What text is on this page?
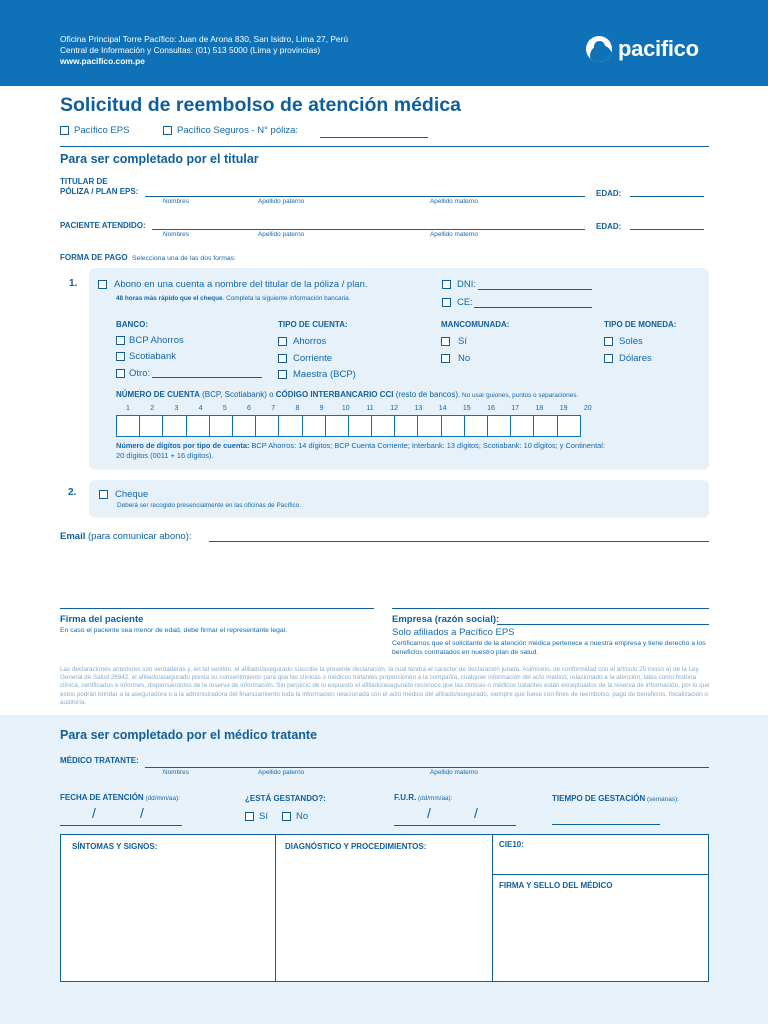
Oficina Principal Torre Pacífico: Juan de Arona 830, San Isidro, Lima 27, Perú
Central de Información y Consultas: (01) 513 5000 (Lima y provincias)
www.pacifico.com.pe	pacifico
Solicitud de reembolso de atención médica
Pacífico EPS	Pacífico Seguros - N° póliza:
Para ser completado por el titular
TITULAR DE
PÓLIZA / PLAN EPS:
Nombres	Apellido paterno	Apellido materno
EDAD:
PACIENTE ATENDIDO:
Nombres	Apellido paterno	Apellido materno
EDAD:
FORMA DE PAGO Selecciona una de las dos formas:
1.	Abono en una cuenta a nombre del titular de la póliza / plan.
48 horas más rápido que el cheque. Completa la siguiente información bancaria.
DNI:
CE:
BANCO:
BCP Ahorros
Scotiabank
Otro:
TIPO DE CUENTA:
Ahorros
Corriente
Maestra (BCP)
MANCOMUNADA:
Sí
No
TIPO DE MONEDA:
Soles
Dólares
NÚMERO DE CUENTA (BCP, Scotiabank) o CÓDIGO INTERBANCARIO CCI (resto de bancos). No usar guiones, puntos o separaciones.
1	2	3	4	5	6	7	8	9	10	11	12	13	14	15	16	17	18	19	20
Número de dígitos por tipo de cuenta: BCP Ahorros: 14 dígitos; BCP Cuenta Corriente; Interbank: 13 dígitos; Scotiabank: 10 dígitos; y Continental: 20 dígitos (0011 + 16 dígitos).
2.	Cheque
Deberá ser recogido presencialmente en las oficinas de Pacífico.
Email (para comunicar abono):
Firma del paciente
En caso el paciente sea menor de edad, debe firmar el representante legal.
Empresa (razón social):
Solo afiliados a Pacífico EPS
Certificamos que el solicitante de la atención médica pertenece a nuestra empresa y tiene derecho a los beneficios contratados en nuestro plan de salud.
Las declaraciones anteriores son verdaderas y, en tal sentido, el afiliado/asegurado suscribe la presente declaración, la cual tendrá el carácter de declaración jurada. Asimismo, de conformidad con el artículo 25 inciso a) de la Ley General de Salud 26842, el afiliado/asegurado presta su consentimiento para que las clínicas o médicos tratantes proporcionen a la compañía, cualquier información del acto médico, relacionado a la atención, tales como historia clínica, certificados e informes, dispensándolos de la reserva de información. Sin perjuicio de lo expuesto el afiliado/asegurado reconoce que las clínicas o médicos tratantes están exceptuados de la reserva de información, por lo que estos podrán brindar a la aseguradora o a la administradora del financiamiento toda la información relacionada con el acto médico del afiliado/asegurado, siempre que fuese con fines de reembolso, pago de beneficios, fiscalización o auditoría.
Para ser completado por el médico tratante
MÉDICO TRATANTE:
Nombres	Apellido paterno	Apellido materno
FECHA DE ATENCIÓN (dd/mm/aa):
/	/
¿ESTÁ GESTANDO?:
Sí	No
F.U.R. (dd/mm/aa):
/	/
TIEMPO DE GESTACIÓN (semanas):
SÍNTOMAS Y SIGNOS:	DIAGNÓSTICO Y PROCEDIMIENTOS:	CIE10:
FIRMA Y SELLO DEL MÉDICO
